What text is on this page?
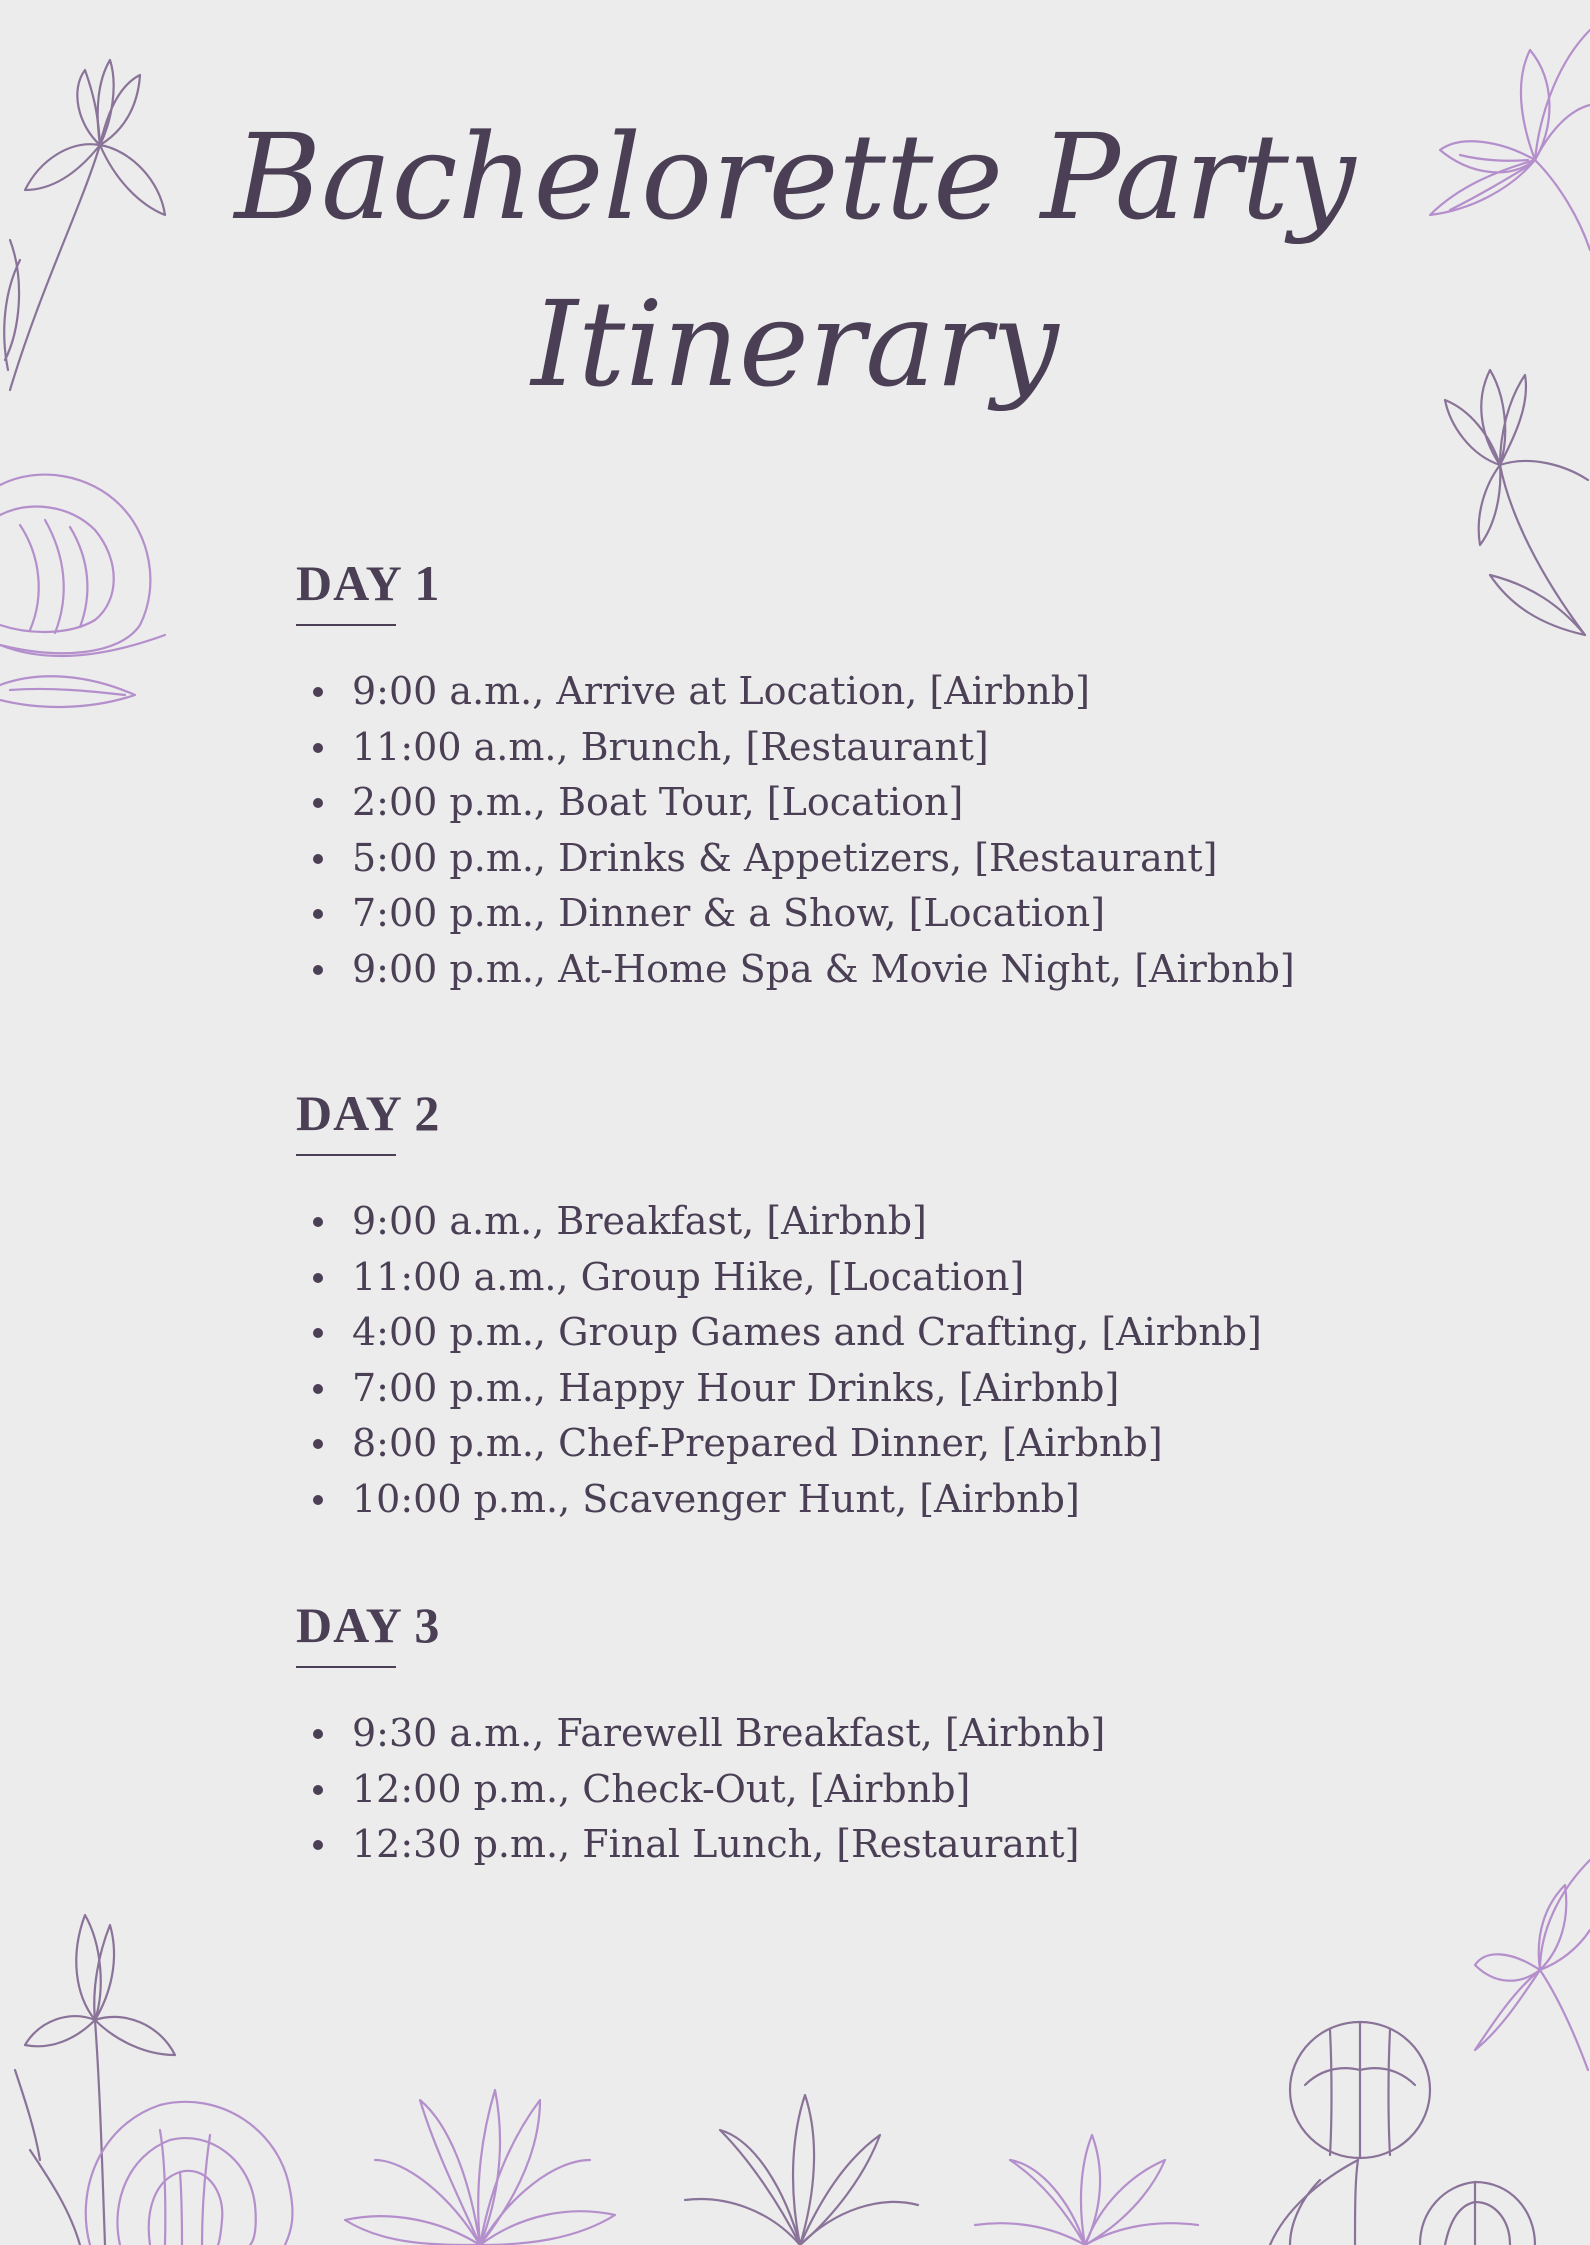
Bachelorette Party
Itinerary
DAY 1
9:00 a.m., Arrive at Location, [Airbnb]
11:00 a.m., Brunch, [Restaurant]
2:00 p.m., Boat Tour, [Location]
5:00 p.m., Drinks & Appetizers, [Restaurant]
7:00 p.m., Dinner & a Show, [Location]
9:00 p.m., At-Home Spa & Movie Night, [Airbnb]
DAY 2
9:00 a.m., Breakfast, [Airbnb]
11:00 a.m., Group Hike, [Location]
4:00 p.m., Group Games and Crafting, [Airbnb]
7:00 p.m., Happy Hour Drinks, [Airbnb]
8:00 p.m., Chef-Prepared Dinner, [Airbnb]
10:00 p.m., Scavenger Hunt, [Airbnb]
DAY 3
9:30 a.m., Farewell Breakfast, [Airbnb]
12:00 p.m., Check-Out, [Airbnb]
12:30 p.m., Final Lunch, [Restaurant]
